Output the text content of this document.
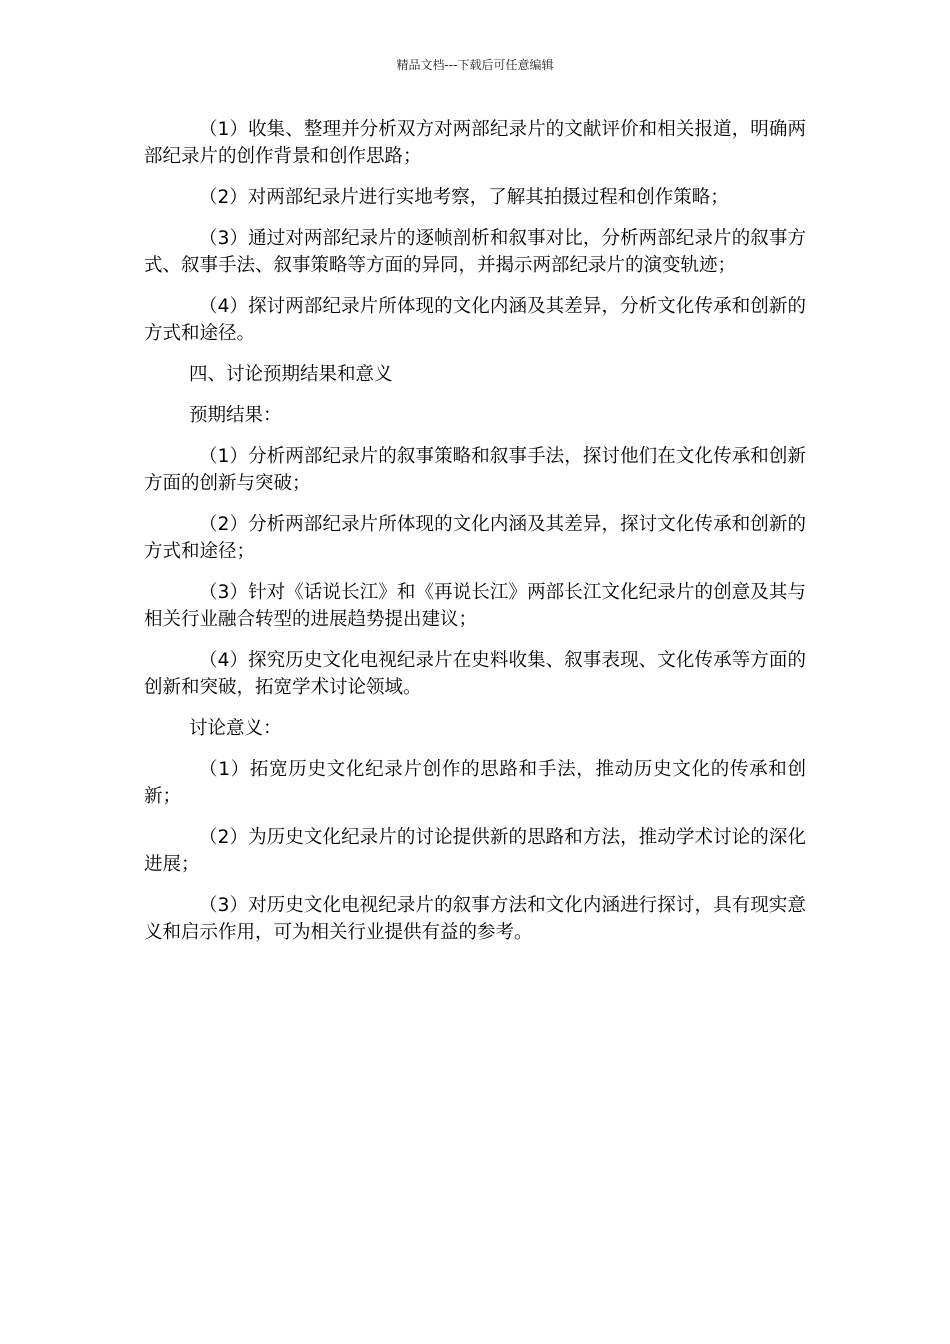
精品文档---下载后可任意编辑

（1）收集、整理并分析双方对两部纪录片的文献评价和相关报道，明确两部纪录片的创作背景和创作思路；

（2）对两部纪录片进行实地考察，了解其拍摄过程和创作策略；

（3）通过对两部纪录片的逐帧剖析和叙事对比，分析两部纪录片的叙事方式、叙事手法、叙事策略等方面的异同，并揭示两部纪录片的演变轨迹；

（4）探讨两部纪录片所体现的文化内涵及其差异，分析文化传承和创新的方式和途径。

四、讨论预期结果和意义

预期结果：

（1）分析两部纪录片的叙事策略和叙事手法，探讨他们在文化传承和创新方面的创新与突破；

（2）分析两部纪录片所体现的文化内涵及其差异，探讨文化传承和创新的方式和途径；

（3）针对《话说长江》和《再说长江》两部长江文化纪录片的创意及其与相关行业融合转型的进展趋势提出建议；

（4）探究历史文化电视纪录片在史料收集、叙事表现、文化传承等方面的创新和突破，拓宽学术讨论领域。

讨论意义：

（1）拓宽历史文化纪录片创作的思路和手法，推动历史文化的传承和创新；

（2）为历史文化纪录片的讨论提供新的思路和方法，推动学术讨论的深化进展；

（3）对历史文化电视纪录片的叙事方法和文化内涵进行探讨，具有现实意义和启示作用，可为相关行业提供有益的参考。
